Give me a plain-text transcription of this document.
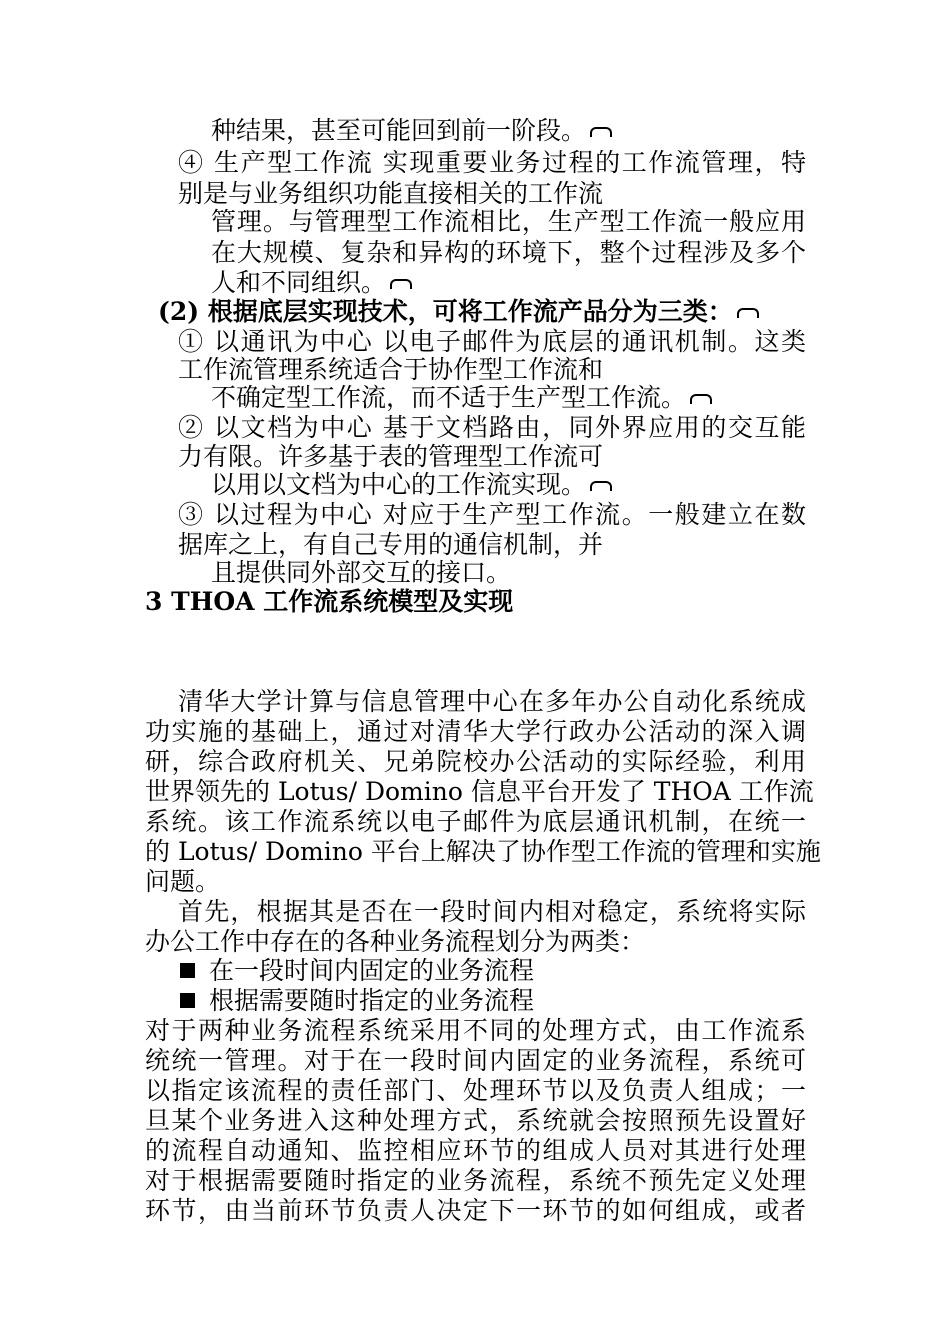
种结果，甚至可能回到前一阶段。
④ 生产型工作流 实现重要业务过程的工作流管理，特
别是与业务组织功能直接相关的工作流
管理。与管理型工作流相比，生产型工作流一般应用
在大规模、复杂和异构的环境下，整个过程涉及多个
人和不同组织。
(2) 根据底层实现技术，可将工作流产品分为三类：
① 以通讯为中心 以电子邮件为底层的通讯机制。这类
工作流管理系统适合于协作型工作流和
不确定型工作流，而不适于生产型工作流。
② 以文档为中心 基于文档路由，同外界应用的交互能
力有限。许多基于表的管理型工作流可
以用以文档为中心的工作流实现。
③ 以过程为中心 对应于生产型工作流。一般建立在数
据库之上，有自己专用的通信机制，并
且提供同外部交互的接口。
3 THOA 工作流系统模型及实现
清华大学计算与信息管理中心在多年办公自动化系统成
功实施的基础上，通过对清华大学行政办公活动的深入调
研，综合政府机关、兄弟院校办公活动的实际经验，利用
世界领先的 Lotus/ Domino 信息平台开发了 THOA 工作流
系统。该工作流系统以电子邮件为底层通讯机制，在统一
的 Lotus/ Domino 平台上解决了协作型工作流的管理和实施
问题。
首先，根据其是否在一段时间内相对稳定，系统将实际
办公工作中存在的各种业务流程划分为两类：
在一段时间内固定的业务流程
根据需要随时指定的业务流程
对于两种业务流程系统采用不同的处理方式，由工作流系
统统一管理。对于在一段时间内固定的业务流程，系统可
以指定该流程的责任部门、处理环节以及负责人组成；一
旦某个业务进入这种处理方式，系统就会按照预先设置好
的流程自动通知、监控相应环节的组成人员对其进行处理
对于根据需要随时指定的业务流程，系统不预先定义处理
环节，由当前环节负责人决定下一环节的如何组成，或者
